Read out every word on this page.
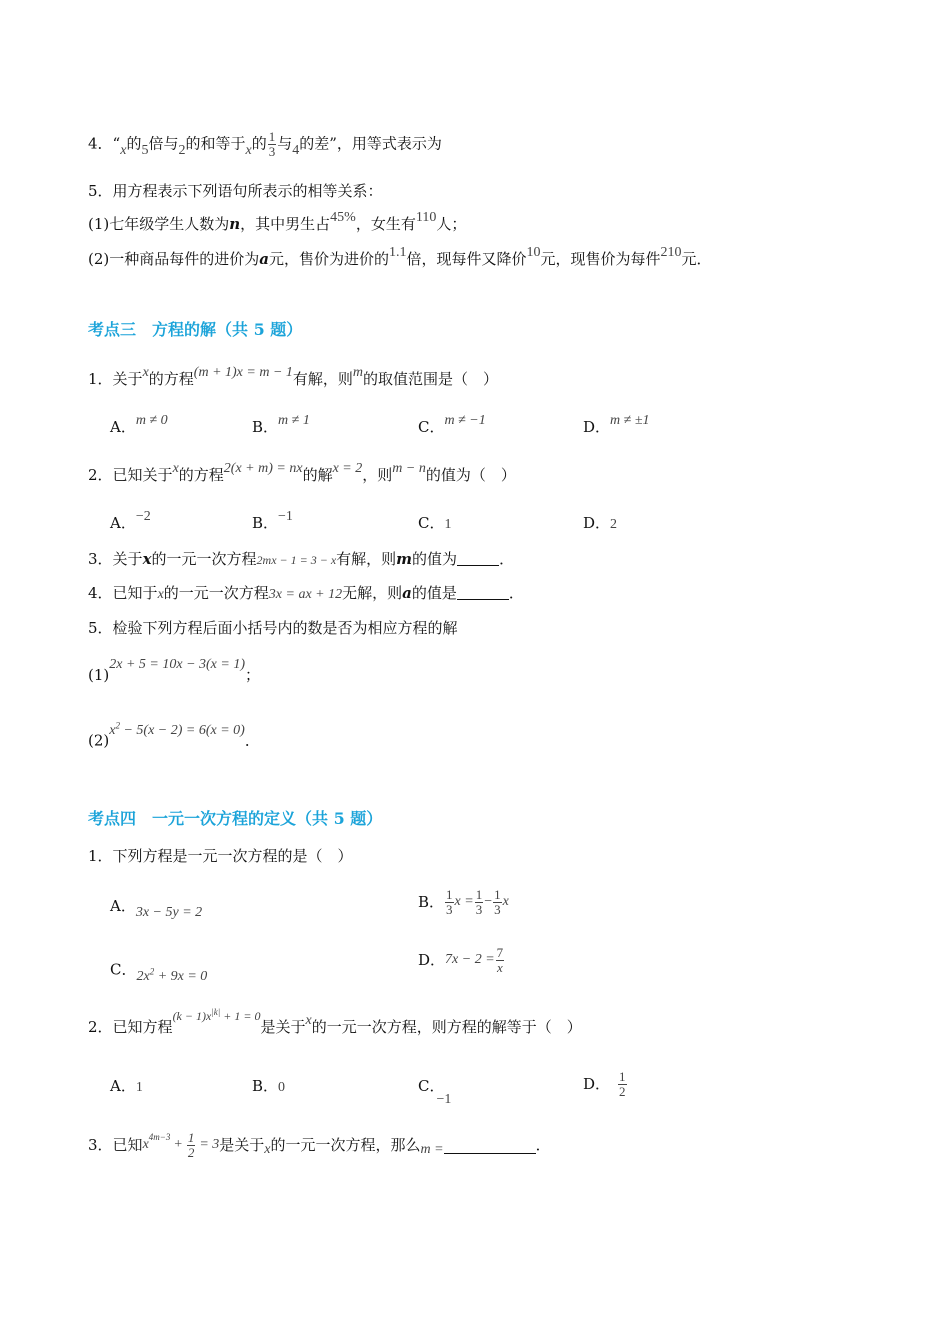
4．“x的5倍与2的和等于x的 $\frac{1}{3}$ 与4的差”，用等式表示为
5．用方程表示下列语句所表示的相等关系：
(1)七年级学生人数为n，其中男生占45%，女生有110人；
(2)一种商品每件的进价为a元，售价为进价的1.1倍，现每件又降价10元，现售价为每件210元．
考点三　方程的解（共 5 题）
1．关于x的方程(m + 1)x = m − 1有解，则m的取值范围是（　）
A．m ≠ 0	B．m ≠ 1	C．m ≠ −1	D．m ≠ ±1
2．已知关于x的方程2(x + m) = nx的解x = 2，则m − n的值为（　）
A．−2	B．−1	C．1	D．2
3．关于x的一元一次方程2mx − 1 = 3 − x有解，则m的值为	．
4．已知于x的一元一次方程3x = ax + 12无解，则a的值是	．
5．检验下列方程后面小括号内的数是否为相应方程的解
(1)2x + 5 = 10x − 3(x = 1)；
$(2)x^2 - 5(x - 2) = 6(x = 0)$．
考点四　一元一次方程的定义（共 5 题）
1．下列方程是一元一次方程的是（　）
A．3x − 5y = 2
B． $\frac{1}{3}$ $x = \frac{1}{3} - \frac{1}{3}$ x
C．$2x^2 + 9x = 0$
D． $7x - 2 = \frac{7}{x}$
2．已知方程$^{(k - 1)x^{|k|} + 1 = 0}$是关于x的一元一次方程，则方程的解等于（　）
A．1	B．0	C．−1
D． $\frac{1}{2}$
3． 已知 $x^{4m-3} + \frac{1}{2} = 3$ 是关于 x 的一元一次方程，那么 m =	．
